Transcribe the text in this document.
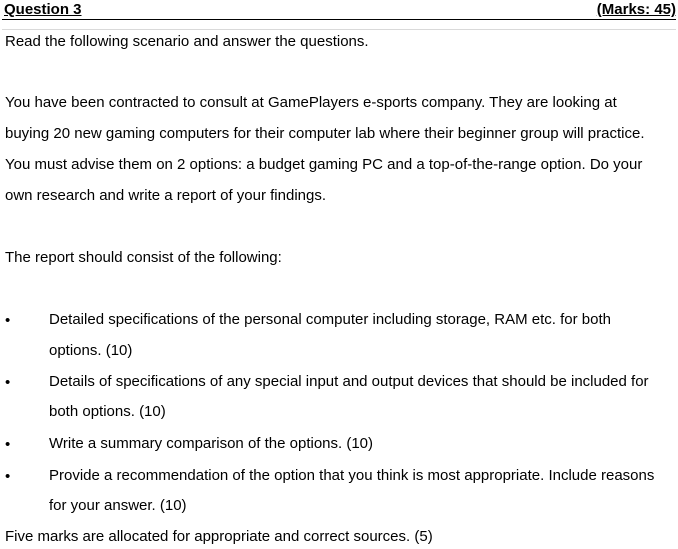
Question 3	(Marks: 45)
Read the following scenario and answer the questions.
You have been contracted to consult at GamePlayers e-sports company. They are looking at
buying 20 new gaming computers for their computer lab where their beginner group will practice.
You must advise them on 2 options: a budget gaming PC and a top-of-the-range option. Do your
own research and write a report of your findings.
The report should consist of the following:
•	Detailed specifications of the personal computer including storage, RAM etc. for both
options. (10)
•	Details of specifications of any special input and output devices that should be included for
both options. (10)
•	Write a summary comparison of the options. (10)
•	Provide a recommendation of the option that you think is most appropriate. Include reasons
for your answer. (10)
Five marks are allocated for appropriate and correct sources. (5)
